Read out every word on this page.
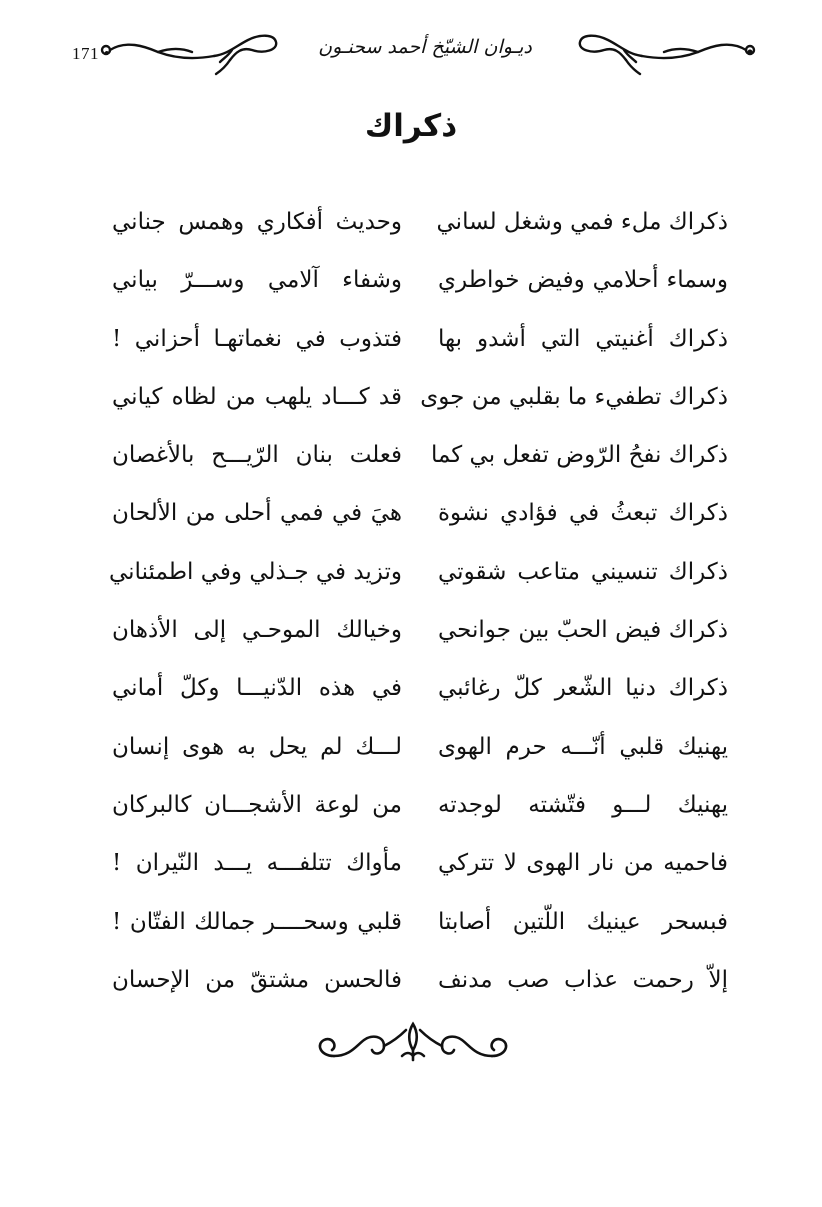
171 •	ديـوان الشيّخ أحمد سحنـون
ذكراك
ذكراك ملء فمي وشغل لساني
وحديث أفكاري وهمس جناني
وسماء أحلامي وفيض خواطري
وشفاء آلامي وســـرّ بياني
ذكراك أغنيتي التي أشدو بها
فتذوب في نغماتهـا أحزاني !
ذكراك تطفيء ما بقلبي من جوى
قد كـــاد يلهب من لظاه كياني
ذكراك نفحُ الرّوض تفعل بي كما
فعلت بنان الرّيـــح بالأغصان
ذكراك تبعثُ في فؤادي نشوة
هيَ في فمي أحلى من الألحان
ذكراك تنسيني متاعب شقوتي
وتزيد في جـذلي وفي اطمئناني
ذكراك فيض الحبّ بين جوانحي
وخيالك الموحـي إلى الأذهان
ذكراك دنيا الشّعر كلّ رغائبي
في هذه الدّنيـــا وكلّ أماني
يهنيك قلبي أنّـــه حرم الهوى
لـــك لم يحل به هوى إنسان
يهنيك لـــو فتّشته لوجدته
من لوعة الأشجـــان كالبركان
فاحميه من نار الهوى لا تتركي
مأواك تتلفـــه يـــد النّيران !
فبسحر عينيك اللّتين أصابتا
قلبي وسحــــر جمالك الفتّان !
إلاّ رحمت عذاب صب مدنف
فالحسن مشتقّ من الإحسان
